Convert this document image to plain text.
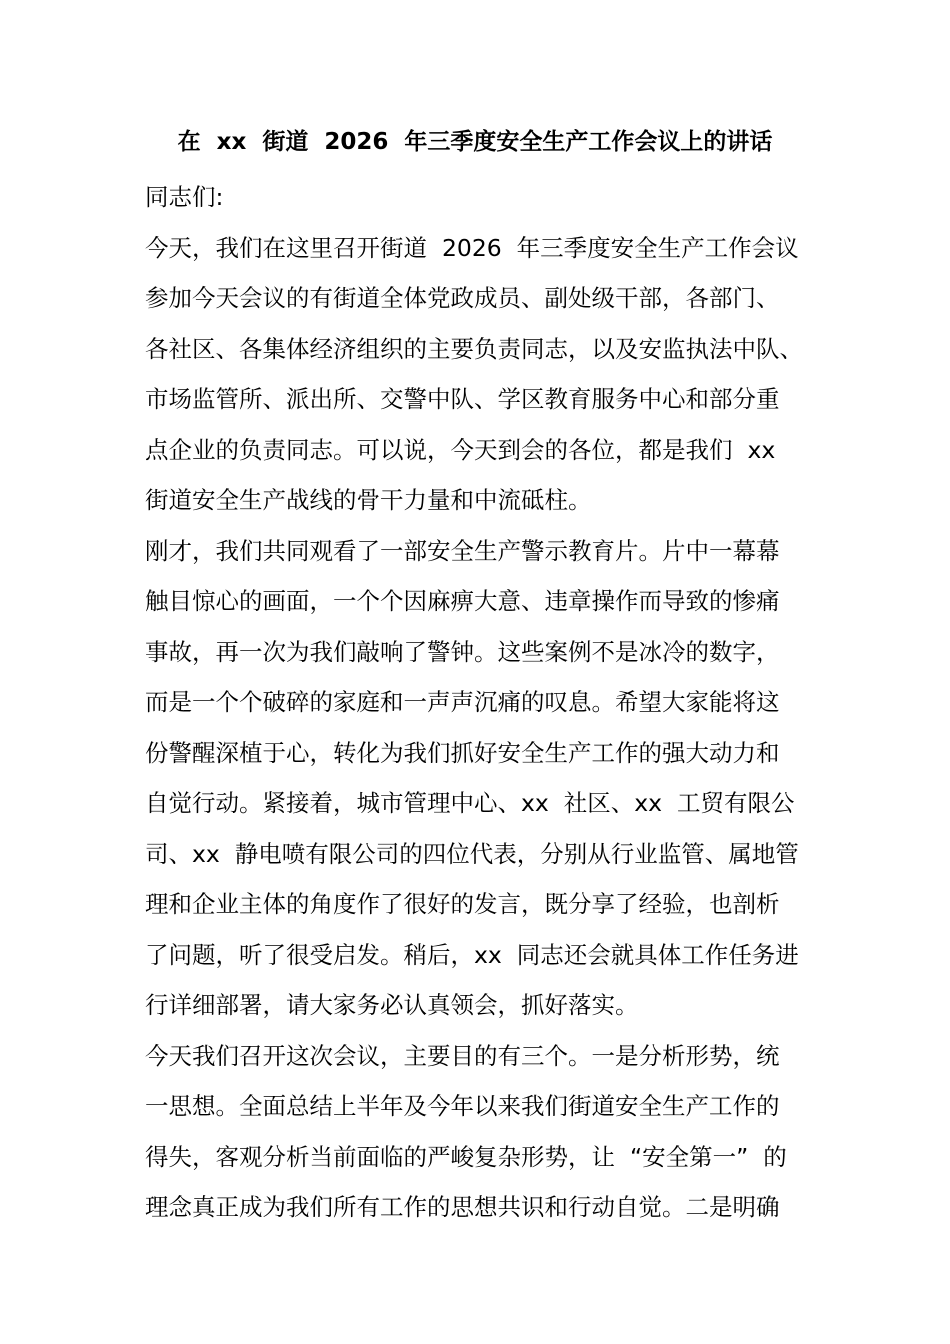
在  xx  街道  2026  年三季度安全生产工作会议上的讲话

同志们:

今天，我们在这里召开街道  2026  年三季度安全生产工作会议
参加今天会议的有街道全体党政成员、副处级干部，各部门、
各社区、各集体经济组织的主要负责同志，以及安监执法中队、
市场监管所、派出所、交警中队、学区教育服务中心和部分重
点企业的负责同志。可以说，今天到会的各位，都是我们  xx
街道安全生产战线的骨干力量和中流砥柱。

刚才，我们共同观看了一部安全生产警示教育片。片中一幕幕
触目惊心的画面，一个个因麻痹大意、违章操作而导致的惨痛
事故，再一次为我们敲响了警钟。这些案例不是冰冷的数字，
而是一个个破碎的家庭和一声声沉痛的叹息。希望大家能将这
份警醒深植于心，转化为我们抓好安全生产工作的强大动力和
自觉行动。紧接着，城市管理中心、xx  社区、xx  工贸有限公
司、xx  静电喷有限公司的四位代表，分别从行业监管、属地管
理和企业主体的角度作了很好的发言，既分享了经验，也剖析
了问题，听了很受启发。稍后，xx  同志还会就具体工作任务进
行详细部署，请大家务必认真领会，抓好落实。

今天我们召开这次会议，主要目的有三个。一是分析形势，统
一思想。全面总结上半年及今年以来我们街道安全生产工作的
得失，客观分析当前面临的严峻复杂形势，让  “安全第一”  的
理念真正成为我们所有工作的思想共识和行动自觉。二是明确
